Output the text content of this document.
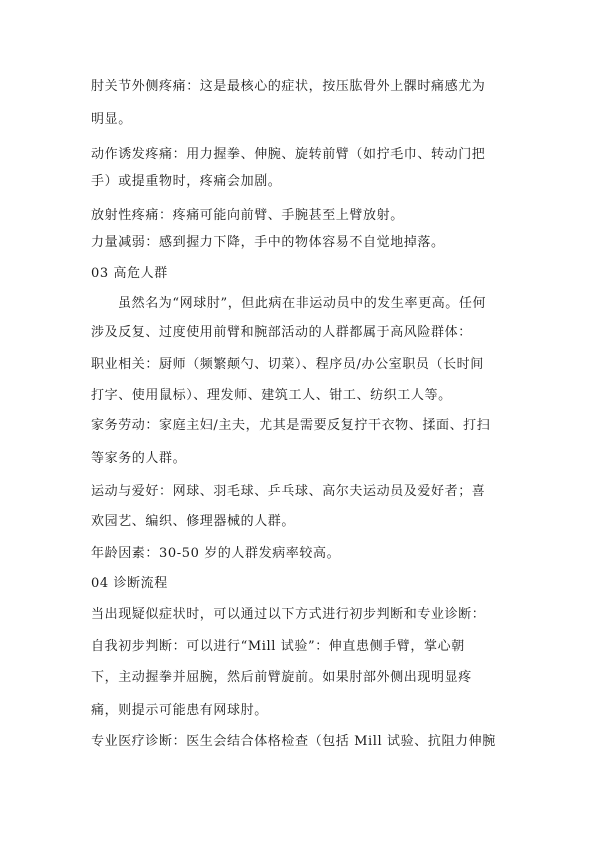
肘关节外侧疼痛：这是最核心的症状，按压肱骨外上髁时痛感尤为
明显。
动作诱发疼痛：用力握拳、伸腕、旋转前臂（如拧毛巾、转动门把
手）或提重物时，疼痛会加剧。
放射性疼痛：疼痛可能向前臂、手腕甚至上臂放射。
力量减弱：感到握力下降，手中的物体容易不自觉地掉落。
03 高危人群
虽然名为“网球肘”，但此病在非运动员中的发生率更高。任何
涉及反复、过度使用前臂和腕部活动的人群都属于高风险群体：
职业相关：厨师（频繁颠勺、切菜）、程序员/办公室职员（长时间
打字、使用鼠标）、理发师、建筑工人、钳工、纺织工人等。
家务劳动：家庭主妇/主夫，尤其是需要反复拧干衣物、揉面、打扫
等家务的人群。
运动与爱好：网球、羽毛球、乒乓球、高尔夫运动员及爱好者；喜
欢园艺、编织、修理器械的人群。
年龄因素：30-50 岁的人群发病率较高。
04 诊断流程
当出现疑似症状时，可以通过以下方式进行初步判断和专业诊断：
自我初步判断：可以进行“Mill 试验”：伸直患侧手臂，掌心朝
下，主动握拳并屈腕，然后前臂旋前。如果肘部外侧出现明显疼
痛，则提示可能患有网球肘。
专业医疗诊断：医生会结合体格检查（包括 Mill 试验、抗阻力伸腕
